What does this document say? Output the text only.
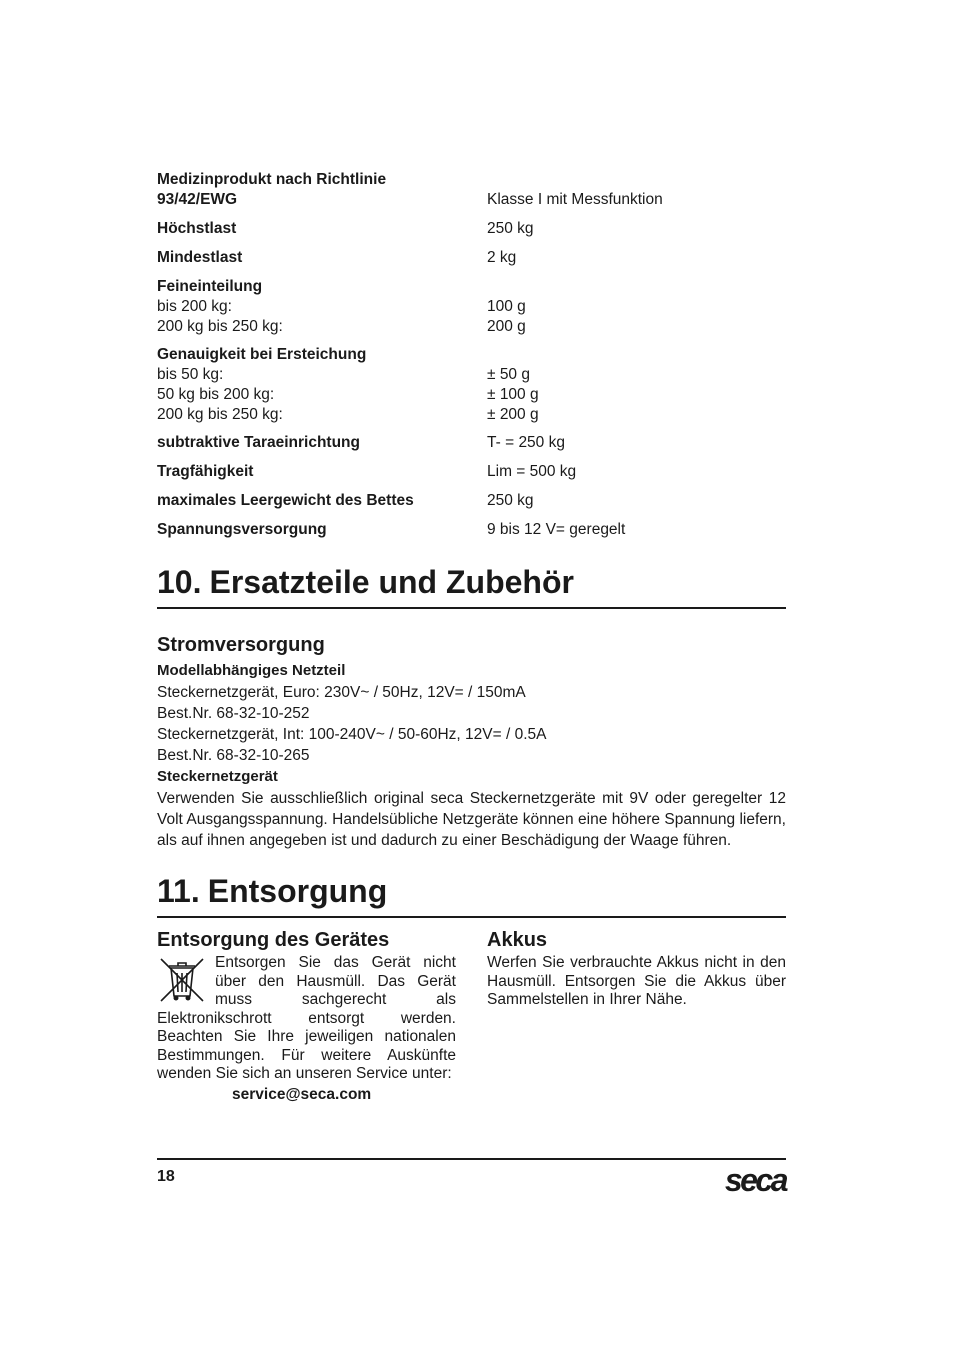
Medizinprodukt nach Richtlinie
93/42/EWG	Klasse I mit Messfunktion
Höchstlast	250 kg
Mindestlast	2 kg
Feineinteilung
bis 200 kg:	100 g
200 kg bis 250 kg:	200 g
Genauigkeit bei Ersteichung
bis 50 kg:	± 50 g
50 kg bis 200 kg:	± 100 g
200 kg bis 250 kg:	± 200 g
subtraktive Taraeinrichtung	T- = 250 kg
Tragfähigkeit	Lim = 500 kg
maximales Leergewicht des Bettes	250 kg
Spannungsversorgung	9 bis 12 V= geregelt
10. Ersatzteile und Zubehör
Stromversorgung
Modellabhängiges Netzteil
Steckernetzgerät, Euro: 230V~ / 50Hz, 12V= / 150mA
Best.Nr. 68-32-10-252
Steckernetzgerät, Int: 100-240V~ / 50-60Hz, 12V= / 0.5A
Best.Nr. 68-32-10-265
Steckernetzgerät
Verwenden Sie ausschließlich original seca Steckernetzgeräte mit 9V oder geregelter 12 Volt Ausgangsspannung. Handelsübliche Netzgeräte können eine höhere Spannung liefern, als auf ihnen angegeben ist und dadurch zu einer Beschädigung der Waage führen.
11. Entsorgung
Entsorgung des Gerätes
Entsorgen Sie das Gerät nicht über den Hausmüll. Das Gerät muss sachgerecht als Elektronikschrott entsorgt werden. Beachten Sie Ihre jeweiligen nationalen Bestimmungen. Für weitere Auskünfte wenden Sie sich an unseren Service unter:
service@seca.com
Akkus
Werfen Sie verbrauchte Akkus nicht in den Hausmüll. Entsorgen Sie die Akkus über Sammelstellen in Ihrer Nähe.
18	seca
